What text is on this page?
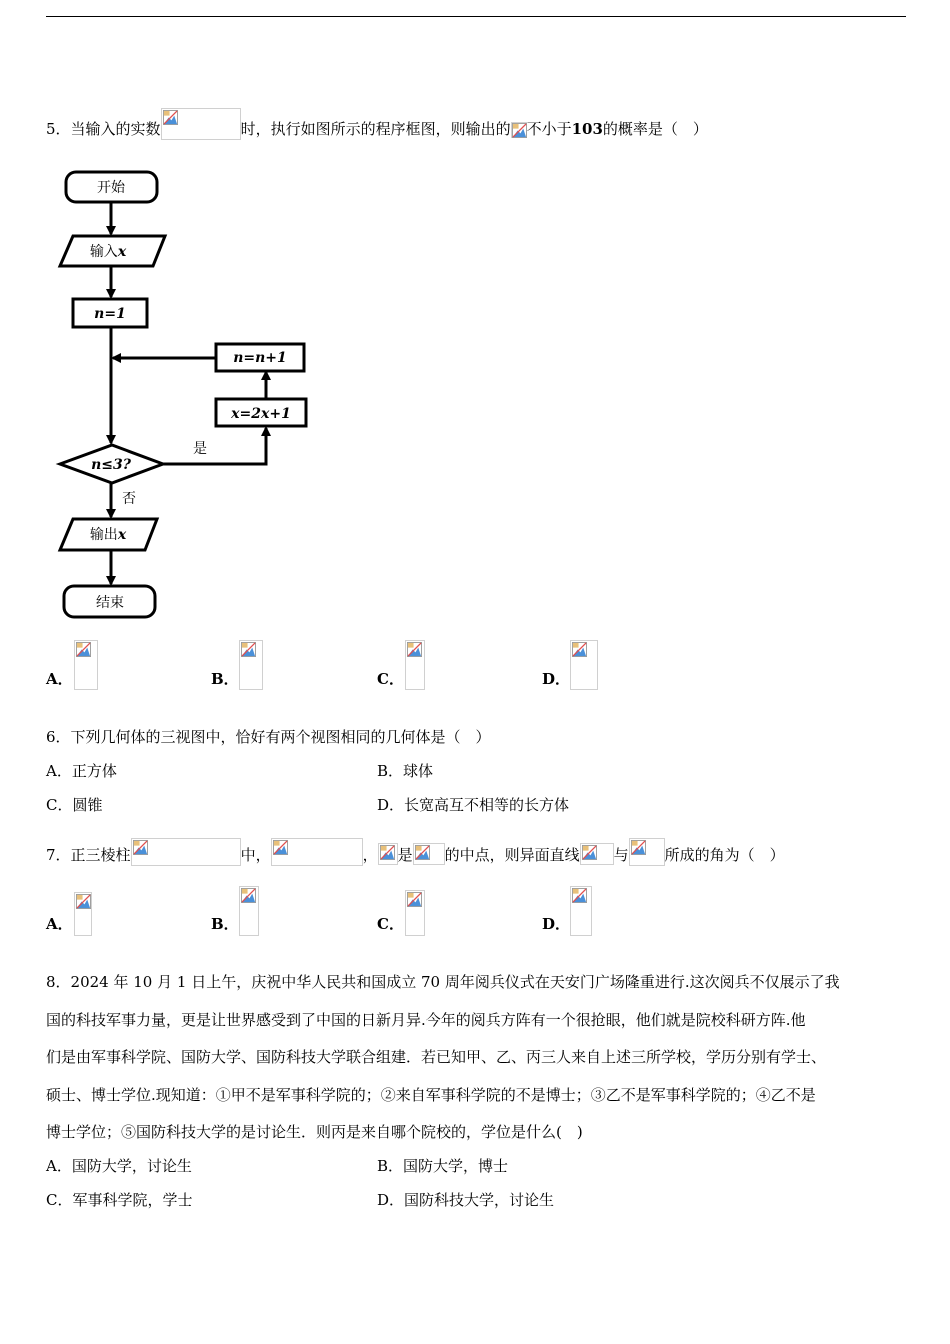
5．当输入的实数	时，执行如图所示的程序框图，则输出的 不小于103的概率是（　）
开始
输入x
n=1
n=n+1
x=2x+1
n≤3?
是
否
输出x
结束
A．	B．	C．	D．
6．下列几何体的三视图中，恰好有两个视图相同的几何体是（　）
A．正方体	B．球体
C．圆锥	D．长宽高互不相等的长方体
7．正三棱柱	中，	， 是 的中点，则异面直线 与 所成的角为（　）
A．	B．	C．	D．
8．2024 年 10 月 1 日上午，庆祝中华人民共和国成立 70 周年阅兵仪式在天安门广场隆重进行.这次阅兵不仅展示了我
国的科技军事力量，更是让世界感受到了中国的日新月异.今年的阅兵方阵有一个很抢眼，他们就是院校科研方阵.他
们是由军事科学院、国防大学、国防科技大学联合组建．若已知甲、乙、丙三人来自上述三所学校，学历分别有学士、
硕士、博士学位.现知道：①甲不是军事科学院的；②来自军事科学院的不是博士；③乙不是军事科学院的；④乙不是
博士学位；⑤国防科技大学的是讨论生．则丙是来自哪个院校的，学位是什么(　)
A．国防大学，讨论生	B．国防大学，博士
C．军事科学院，学士	D．国防科技大学，讨论生
